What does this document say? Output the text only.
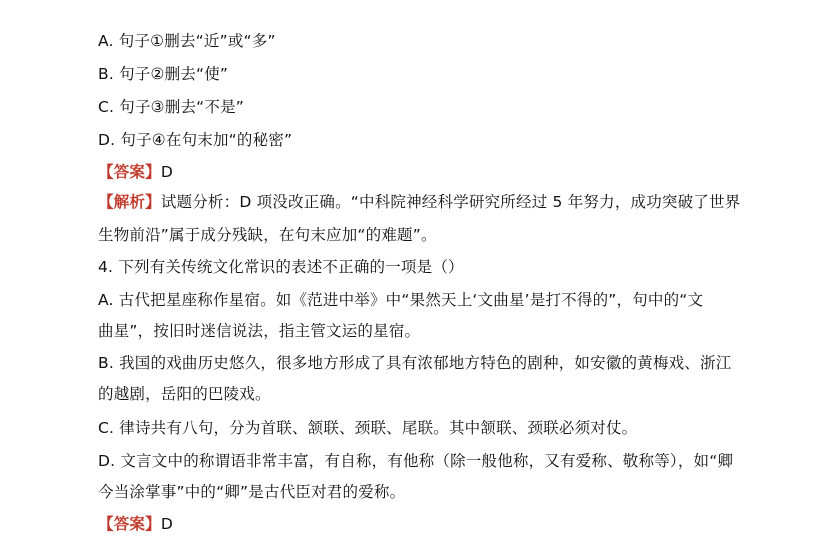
A. 句子①删去“近”或“多”
B. 句子②删去“使”
C. 句子③删去“不是”
D. 句子④在句末加“的秘密”
【答案】D
【解析】试题分析：D 项没改正确。“中科院神经科学研究所经过 5 年努力，成功突破了世界
生物前沿”属于成分残缺，在句末应加“的难题”。
4. 下列有关传统文化常识的表述不正确的一项是（）
A. 古代把星座称作星宿。如《范进中举》中“果然天上‘文曲星’是打不得的”，句中的“文
曲星”，按旧时迷信说法，指主管文运的星宿。
B. 我国的戏曲历史悠久，很多地方形成了具有浓郁地方特色的剧种，如安徽的黄梅戏、浙江
的越剧，岳阳的巴陵戏。
C. 律诗共有八句，分为首联、颔联、颈联、尾联。其中颔联、颈联必须对仗。
D. 文言文中的称谓语非常丰富，有自称，有他称（除一般他称，又有爱称、敬称等），如“卿
今当涂掌事”中的“卿”是古代臣对君的爱称。
【答案】D
